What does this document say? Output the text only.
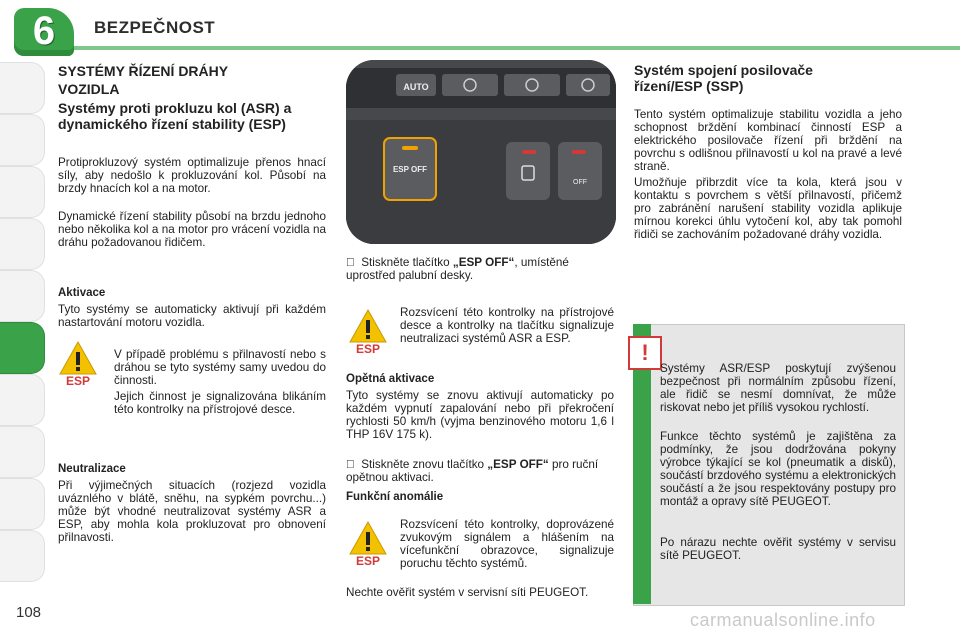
6	BEZPEČNOST
SYSTÉMY ŘÍZENÍ DRÁHY VOZIDLA
Systémy proti prokluzu kol (ASR) a dynamického řízení stability (ESP)
Protiprokluzový systém optimalizuje přenos hnací síly, aby nedošlo k prokluzování kol. Působí na brzdy hnacích kol a na motor.
Dynamické řízení stability působí na brzdu jednoho nebo několika kol a na motor pro vrácení vozidla na dráhu požadovanou řidičem.
Aktivace
Tyto systémy se automaticky aktivují při každém nastartování motoru vozidla.
ESP
V případě problému s přilnavostí nebo s dráhou se tyto systémy samy uvedou do činnosti.
Jejich činnost je signalizována blikáním této kontrolky na přístrojové desce.
Neutralizace
Při výjimečných situacích (rozjezd vozidla uváznlého v blátě, sněhu, na sypkém povrchu...) může být vhodné neutralizovat systémy ASR a ESP, aby mohla kola prokluzovat pro obnovení přilnavosti.
AUTO
ESP OFF
OFF
Stiskněte tlačítko „ESP OFF“, umístěné uprostřed palubní desky.
ESP
Rozsvícení této kontrolky na přístrojové desce a kontrolky na tlačítku signalizuje neutralizaci systémů ASR a ESP.
Opětná aktivace
Tyto systémy se znovu aktivují automaticky po každém vypnutí zapalování nebo při překročení rychlosti 50 km/h (vyjma benzinového motoru 1,6 l THP 16V 175 k).
Stiskněte znovu tlačítko „ESP OFF“ pro ruční opětnou aktivaci.
Funkční anomálie
ESP
Rozsvícení této kontrolky, doprovázené zvukovým signálem a hlášením na vícefunkční obrazovce, signalizuje poruchu těchto systémů.
Nechte ověřit systém v servisní síti PEUGEOT.
Systém spojení posilovače řízení/ESP (SSP)
Tento systém optimalizuje stabilitu vozidla a jeho schopnost brždění kombinací činností ESP a elektrického posilovače řízení při brždění na povrchu s odlišnou přilnavostí u kol na pravé a levé straně.
Umožňuje přibrzdit více ta kola, která jsou v kontaktu s povrchem s větší přilnavostí, přičemž pro zabránění narušení stability vozidla aplikuje mírnou korekci úhlu vytočení kol, aby tak pomohl řidiči se zachováním požadované dráhy vozidla.
!
Systémy ASR/ESP poskytují zvýšenou bezpečnost při normálním způsobu řízení, ale řidič se nesmí domnívat, že může riskovat nebo jet příliš vysokou rychlostí.
Funkce těchto systémů je zajištěna za podmínky, že jsou dodržována pokyny výrobce týkající se kol (pneumatik a disků), součástí brzdového systému a elektronických součástí a že jsou respektovány postupy pro montáž a opravy sítě PEUGEOT.
Po nárazu nechte ověřit systémy v servisu sítě PEUGEOT.
108	carmanualsonline.info
